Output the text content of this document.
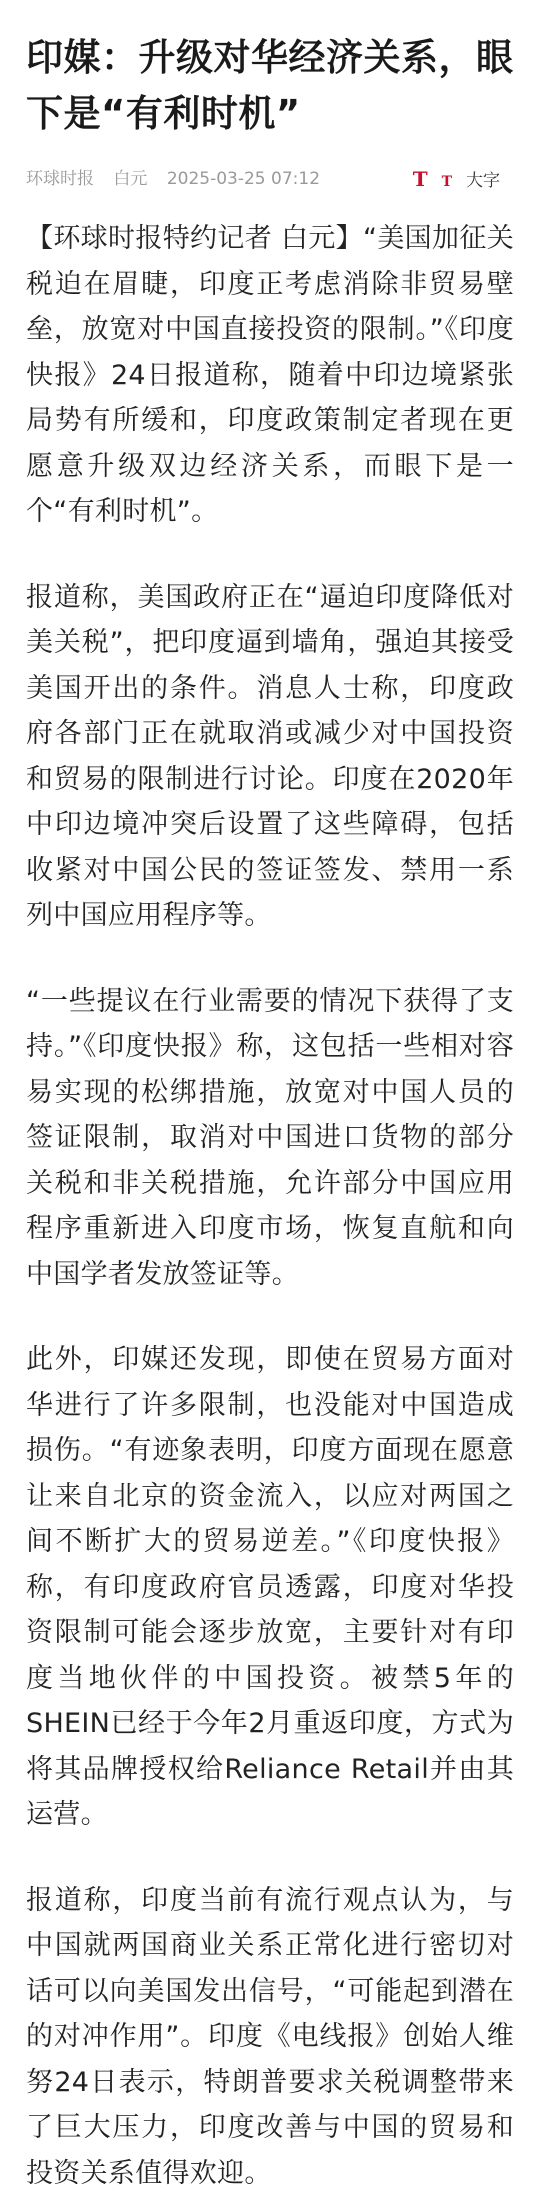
印媒：升级对华经济关系，眼下是“有利时机”
环球时报 白元 2025-03-25 07:12	T T 大字

【环球时报特约记者 白元】“美国加征关税迫在眉睫，印度正考虑消除非贸易壁垒，放宽对中国直接投资的限制。”《印度快报》24日报道称，随着中印边境紧张局势有所缓和，印度政策制定者现在更愿意升级双边经济关系，而眼下是一个“有利时机”。

报道称，美国政府正在“逼迫印度降低对美关税”，把印度逼到墙角，强迫其接受美国开出的条件。消息人士称，印度政府各部门正在就取消或减少对中国投资和贸易的限制进行讨论。印度在2020年中印边境冲突后设置了这些障碍，包括收紧对中国公民的签证签发、禁用一系列中国应用程序等。

“一些提议在行业需要的情况下获得了支持。”《印度快报》称，这包括一些相对容易实现的松绑措施，放宽对中国人员的签证限制，取消对中国进口货物的部分关税和非关税措施，允许部分中国应用程序重新进入印度市场，恢复直航和向中国学者发放签证等。

此外，印媒还发现，即使在贸易方面对华进行了许多限制，也没能对中国造成损伤。“有迹象表明，印度方面现在愿意让来自北京的资金流入，以应对两国之间不断扩大的贸易逆差。”《印度快报》称，有印度政府官员透露，印度对华投资限制可能会逐步放宽，主要针对有印度当地伙伴的中国投资。被禁5年的SHEIN已经于今年2月重返印度，方式为将其品牌授权给Reliance Retail并由其运营。

报道称，印度当前有流行观点认为，与中国就两国商业关系正常化进行密切对话可以向美国发出信号，“可能起到潜在的对冲作用”。印度《电线报》创始人维努24日表示，特朗普要求关税调整带来了巨大压力，印度改善与中国的贸易和投资关系值得欢迎。
